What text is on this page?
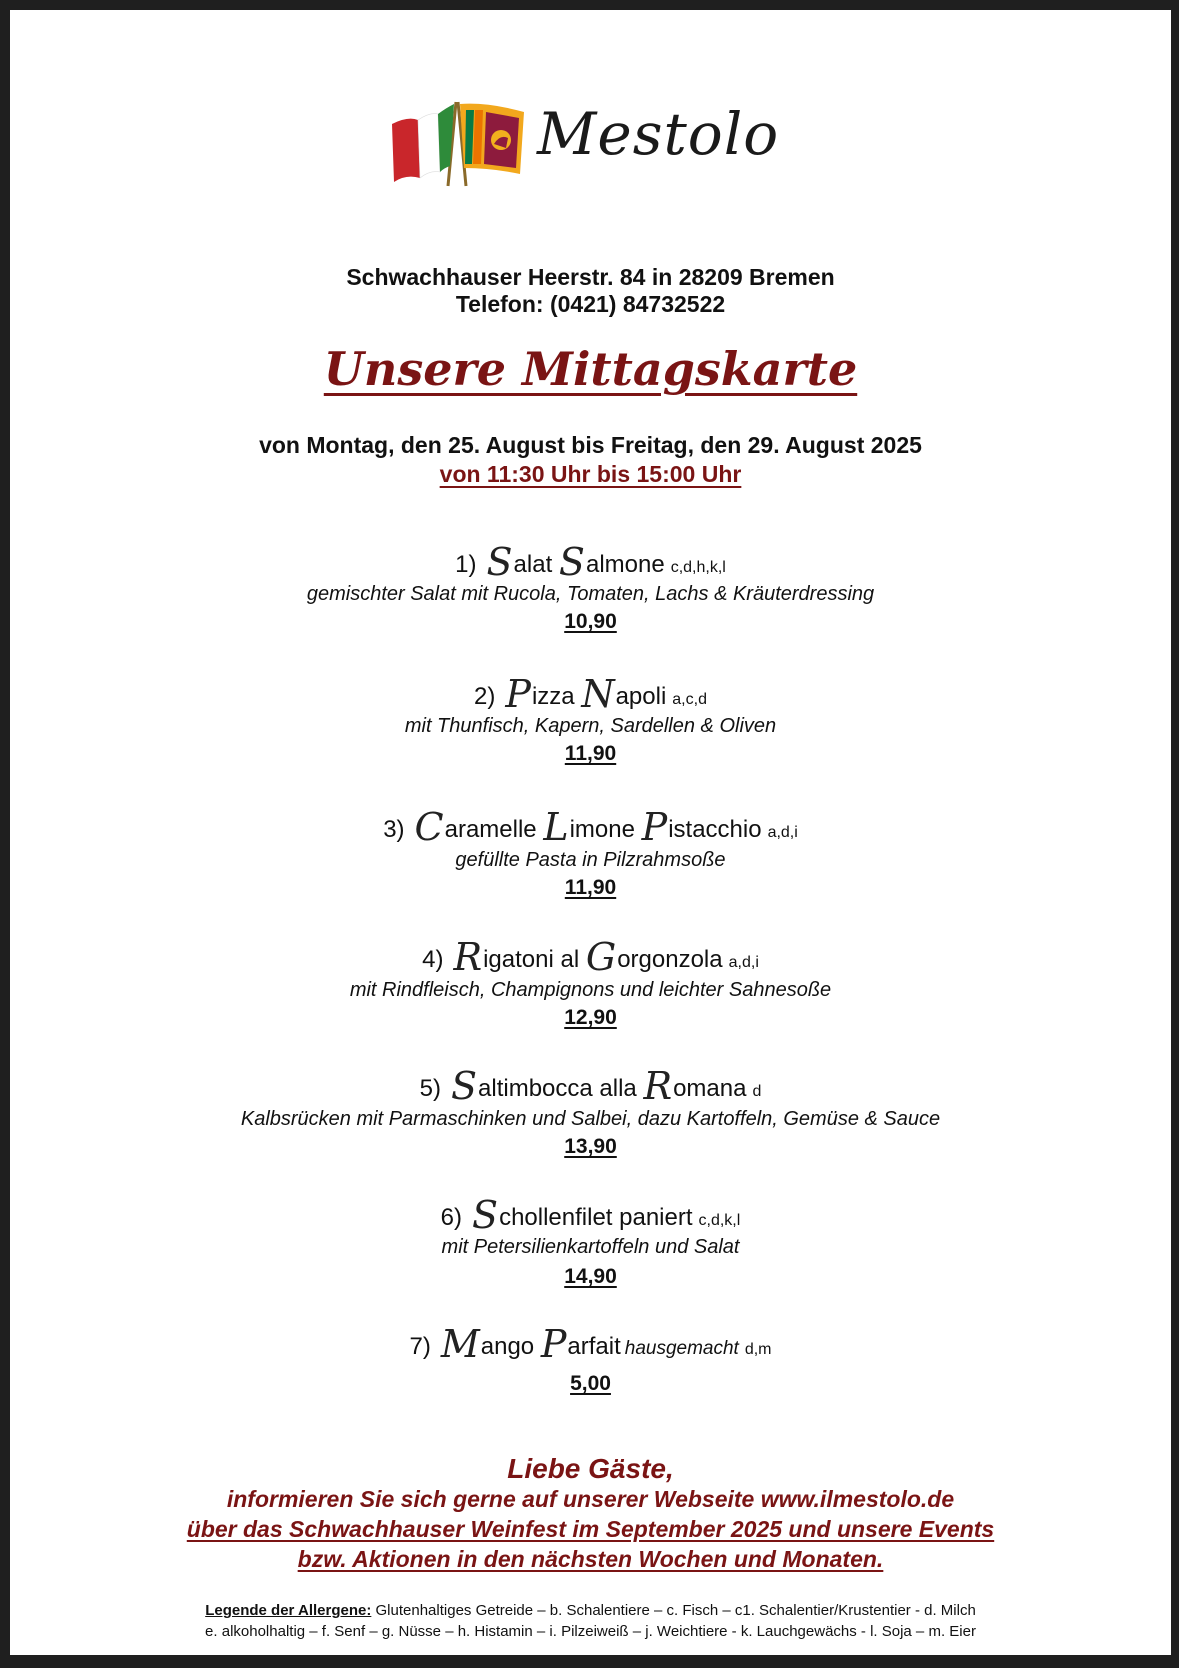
Mestolo
Schwachhauser Heerstr. 84 in 28209 Bremen
Telefon: (0421) 84732522
Unsere Mittagskarte
von Montag, den 25. August bis Freitag, den 29. August 2025
von 11:30 Uhr bis 15:00 Uhr
1) Salat Salmone c,d,h,k,l
gemischter Salat mit Rucola, Tomaten, Lachs & Kräuterdressing
10,90
2) Pizza Napoli a,c,d
mit Thunfisch, Kapern, Sardellen & Oliven
11,90
3) Caramelle Limone Pistacchio a,d,i
gefüllte Pasta in Pilzrahmsoße
11,90
4) Rigatoni al Gorgonzola a,d,i
mit Rindfleisch, Champignons und leichter Sahnesoße
12,90
5) Saltimbocca alla Romana d
Kalbsrücken mit Parmaschinken und Salbei, dazu Kartoffeln, Gemüse & Sauce
13,90
6) Schollenfilet paniert c,d,k,l
mit Petersilienkartoffeln und Salat
14,90
7) Mango Parfait hausgemacht d,m
5,00
Liebe Gäste,
informieren Sie sich gerne auf unserer Webseite www.ilmestolo.de
über das Schwachhauser Weinfest im September 2025 und unsere Events
bzw. Aktionen in den nächsten Wochen und Monaten.
Legende der Allergene: Glutenhaltiges Getreide – b. Schalentiere – c. Fisch – c1. Schalentier/Krustentier - d. Milch
e. alkoholhaltig – f. Senf – g. Nüsse – h. Histamin – i. Pilzeiweiß – j. Weichtiere - k. Lauchgewächs - l. Soja – m. Eier
